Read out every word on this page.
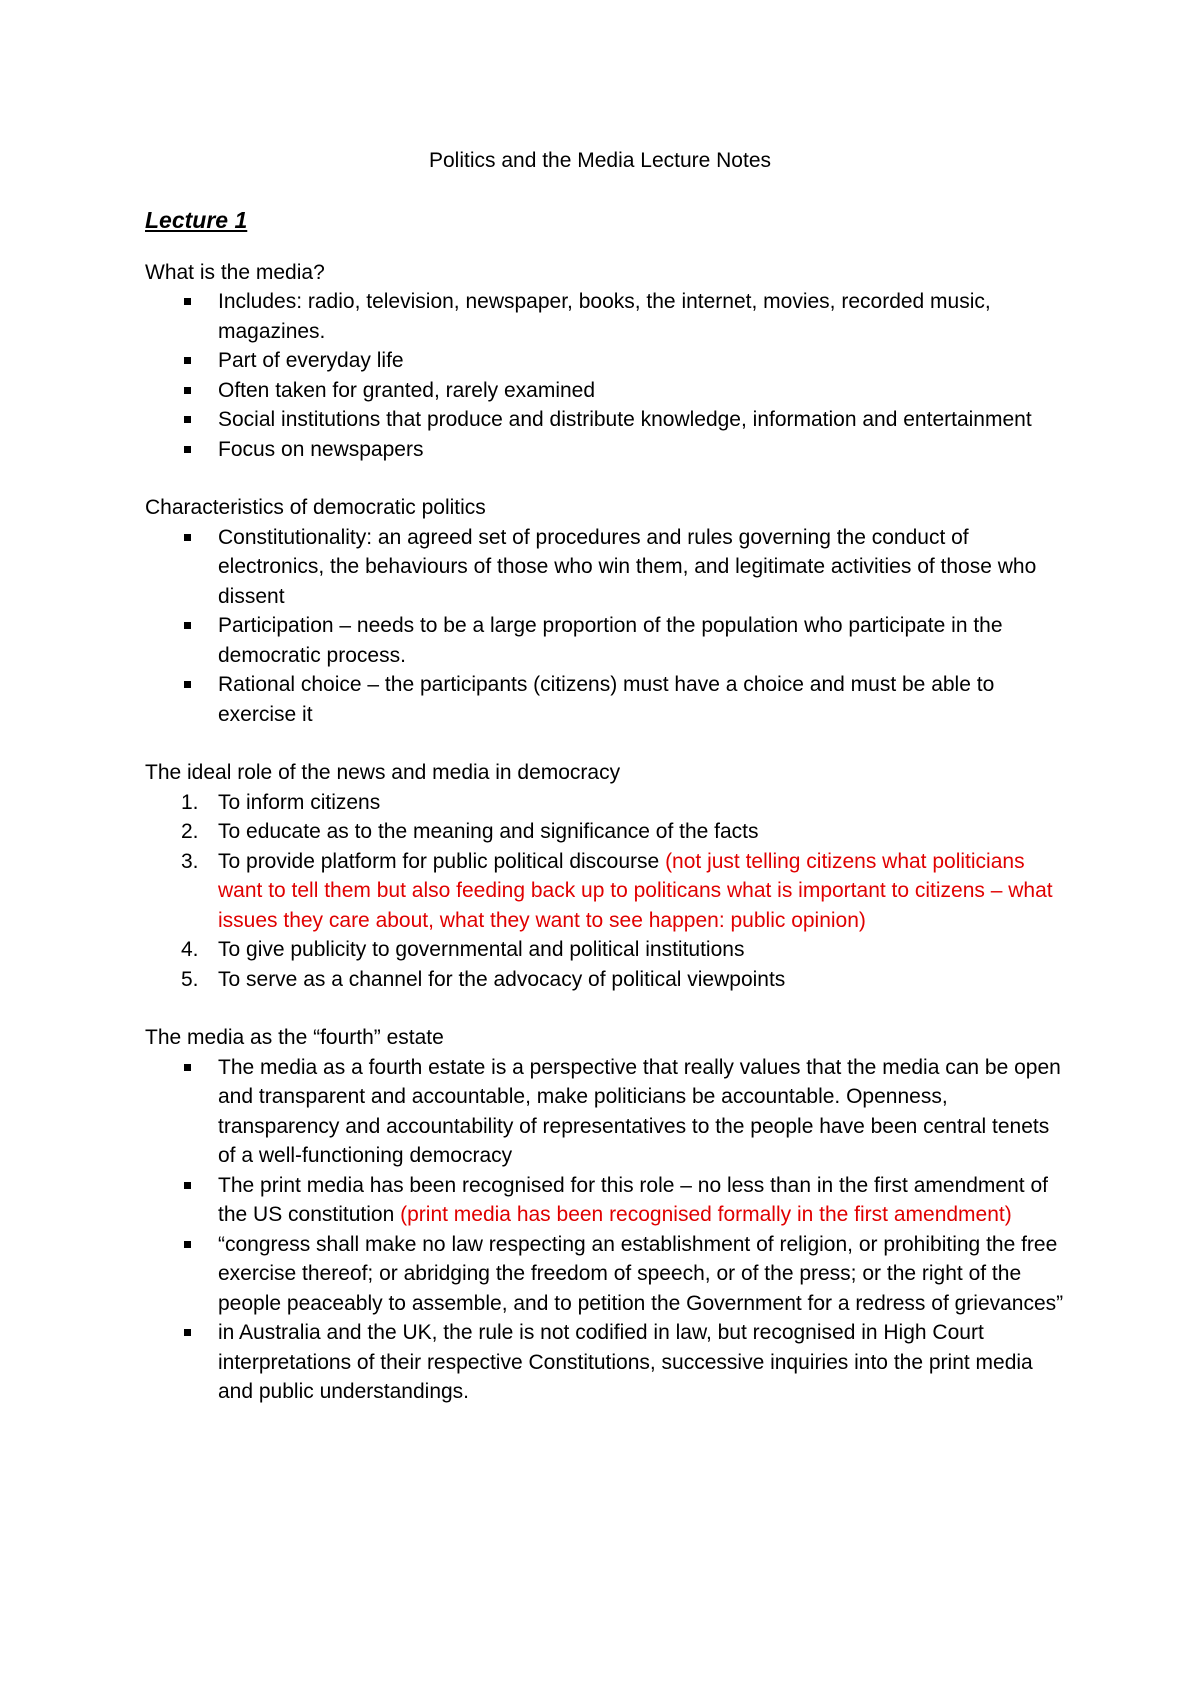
Politics and the Media Lecture Notes
Lecture 1

What is the media?

Includes: radio, television, newspaper, books, the internet, movies, recorded music, magazines.
Part of everyday life
Often taken for granted, rarely examined
Social institutions that produce and distribute knowledge, information and entertainment
Focus on newspapers

Characteristics of democratic politics

Constitutionality: an agreed set of procedures and rules governing the conduct of electronics, the behaviours of those who win them, and legitimate activities of those who dissent
Participation – needs to be a large proportion of the population who participate in the democratic process.
Rational choice – the participants (citizens) must have a choice and must be able to exercise it

The ideal role of the news and media in democracy

1. To inform citizens
2. To educate as to the meaning and significance of the facts
3. To provide platform for public political discourse (not just telling citizens what politicians want to tell them but also feeding back up to politicans what is important to citizens – what issues they care about, what they want to see happen: public opinion)
4. To give publicity to governmental and political institutions
5. To serve as a channel for the advocacy of political viewpoints

The media as the “fourth” estate

The media as a fourth estate is a perspective that really values that the media can be open and transparent and accountable, make politicians be accountable. Openness, transparency and accountability of representatives to the people have been central tenets of a well-functioning democracy
The print media has been recognised for this role – no less than in the first amendment of the US constitution (print media has been recognised formally in the first amendment)
“congress shall make no law respecting an establishment of religion, or prohibiting the free exercise thereof; or abridging the freedom of speech, or of the press; or the right of the people peaceably to assemble, and to petition the Government for a redress of grievances”
in Australia and the UK, the rule is not codified in law, but recognised in High Court interpretations of their respective Constitutions, successive inquiries into the print media and public understandings.
